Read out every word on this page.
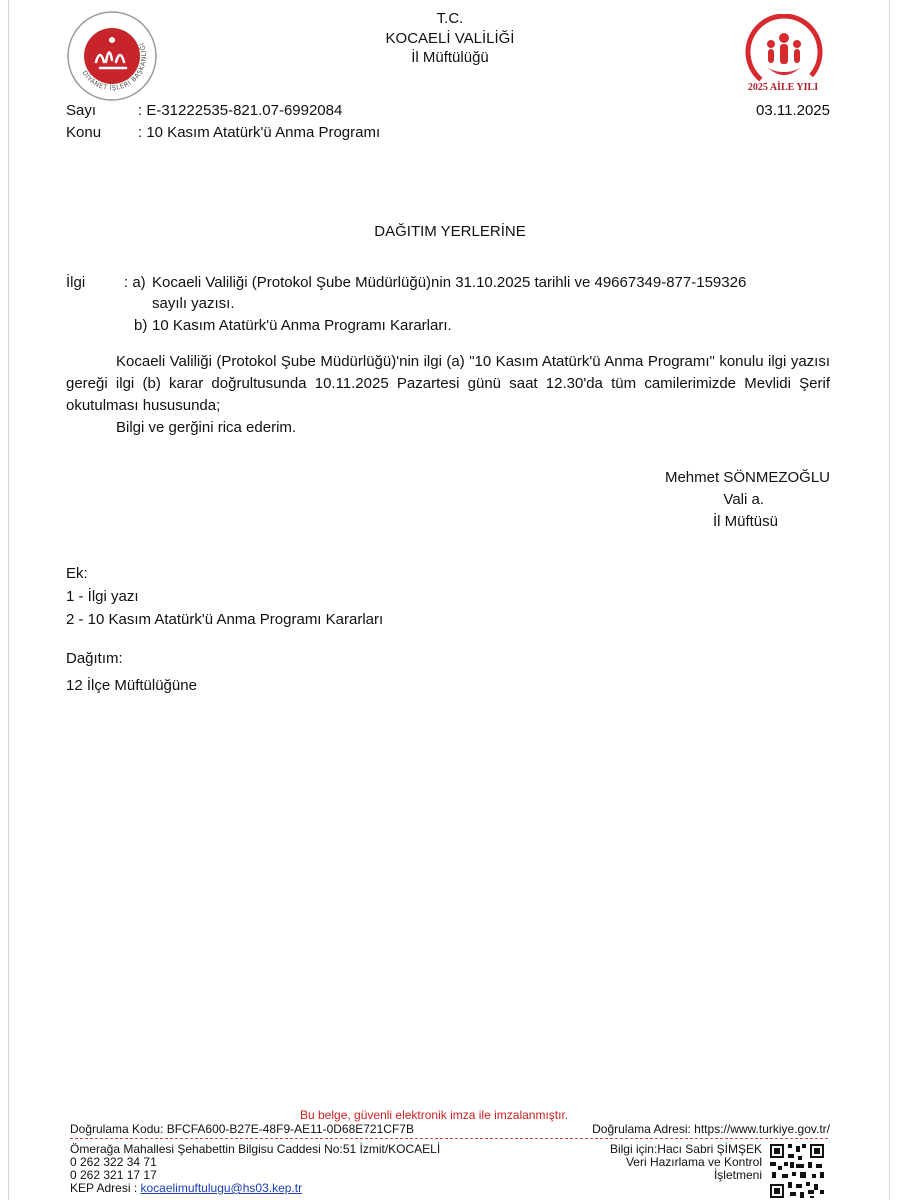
DİYANET İŞLERİ BAŞKANLIĞI
T.C.
KOCAELİ VALİLİĞİ
İl Müftülüğü
2025 AİLE YILI
03.11.2025
Sayı	: E-31222535-821.07-6992084
Konu : 10 Kasım Atatürk'ü Anma Programı
DAĞITIM YERLERİNE
İlgi	: a) Kocaeli Valiliği (Protokol Şube Müdürlüğü)nin 31.10.2025 tarihli ve 49667349-877-159326
sayılı yazısı.
b) 10 Kasım Atatürk'ü Anma Programı Kararları.
Kocaeli Valiliği (Protokol Şube Müdürlüğü)'nin ilgi (a) "10 Kasım Atatürk'ü Anma Programı" konulu ilgi yazısı gereği ilgi (b) karar doğrultusunda 10.11.2025 Pazartesi günü saat 12.30'da tüm camilerimizde Mevlidi Şerif okutulması hususunda;
Bilgi ve gerğini rica ederim.
Mehmet SÖNMEZOĞLU
Vali a.
İl Müftüsü
Ek:
1 - İlgi yazı
2 - 10 Kasım Atatürk'ü Anma Programı Kararları
Dağıtım:
12 İlçe Müftülüğüne
Bu belge, güvenli elektronik imza ile imzalanmıştır.
Doğrulama Kodu: BFCFA600-B27E-48F9-AE11-0D68E721CF7B	Doğrulama Adresi: https://www.turkiye.gov.tr/
Ömerağa Mahallesi Şehabettin Bilgisu Caddesi No:51 İzmit/KOCAELİ
0 262 322 34 71
0 262 321 17 17
KEP Adresi : kocaelimuftulugu@hs03.kep.tr
Bilgi için:Hacı Sabri ŞİMŞEK
Veri Hazırlama ve Kontrol
İşletmeni
